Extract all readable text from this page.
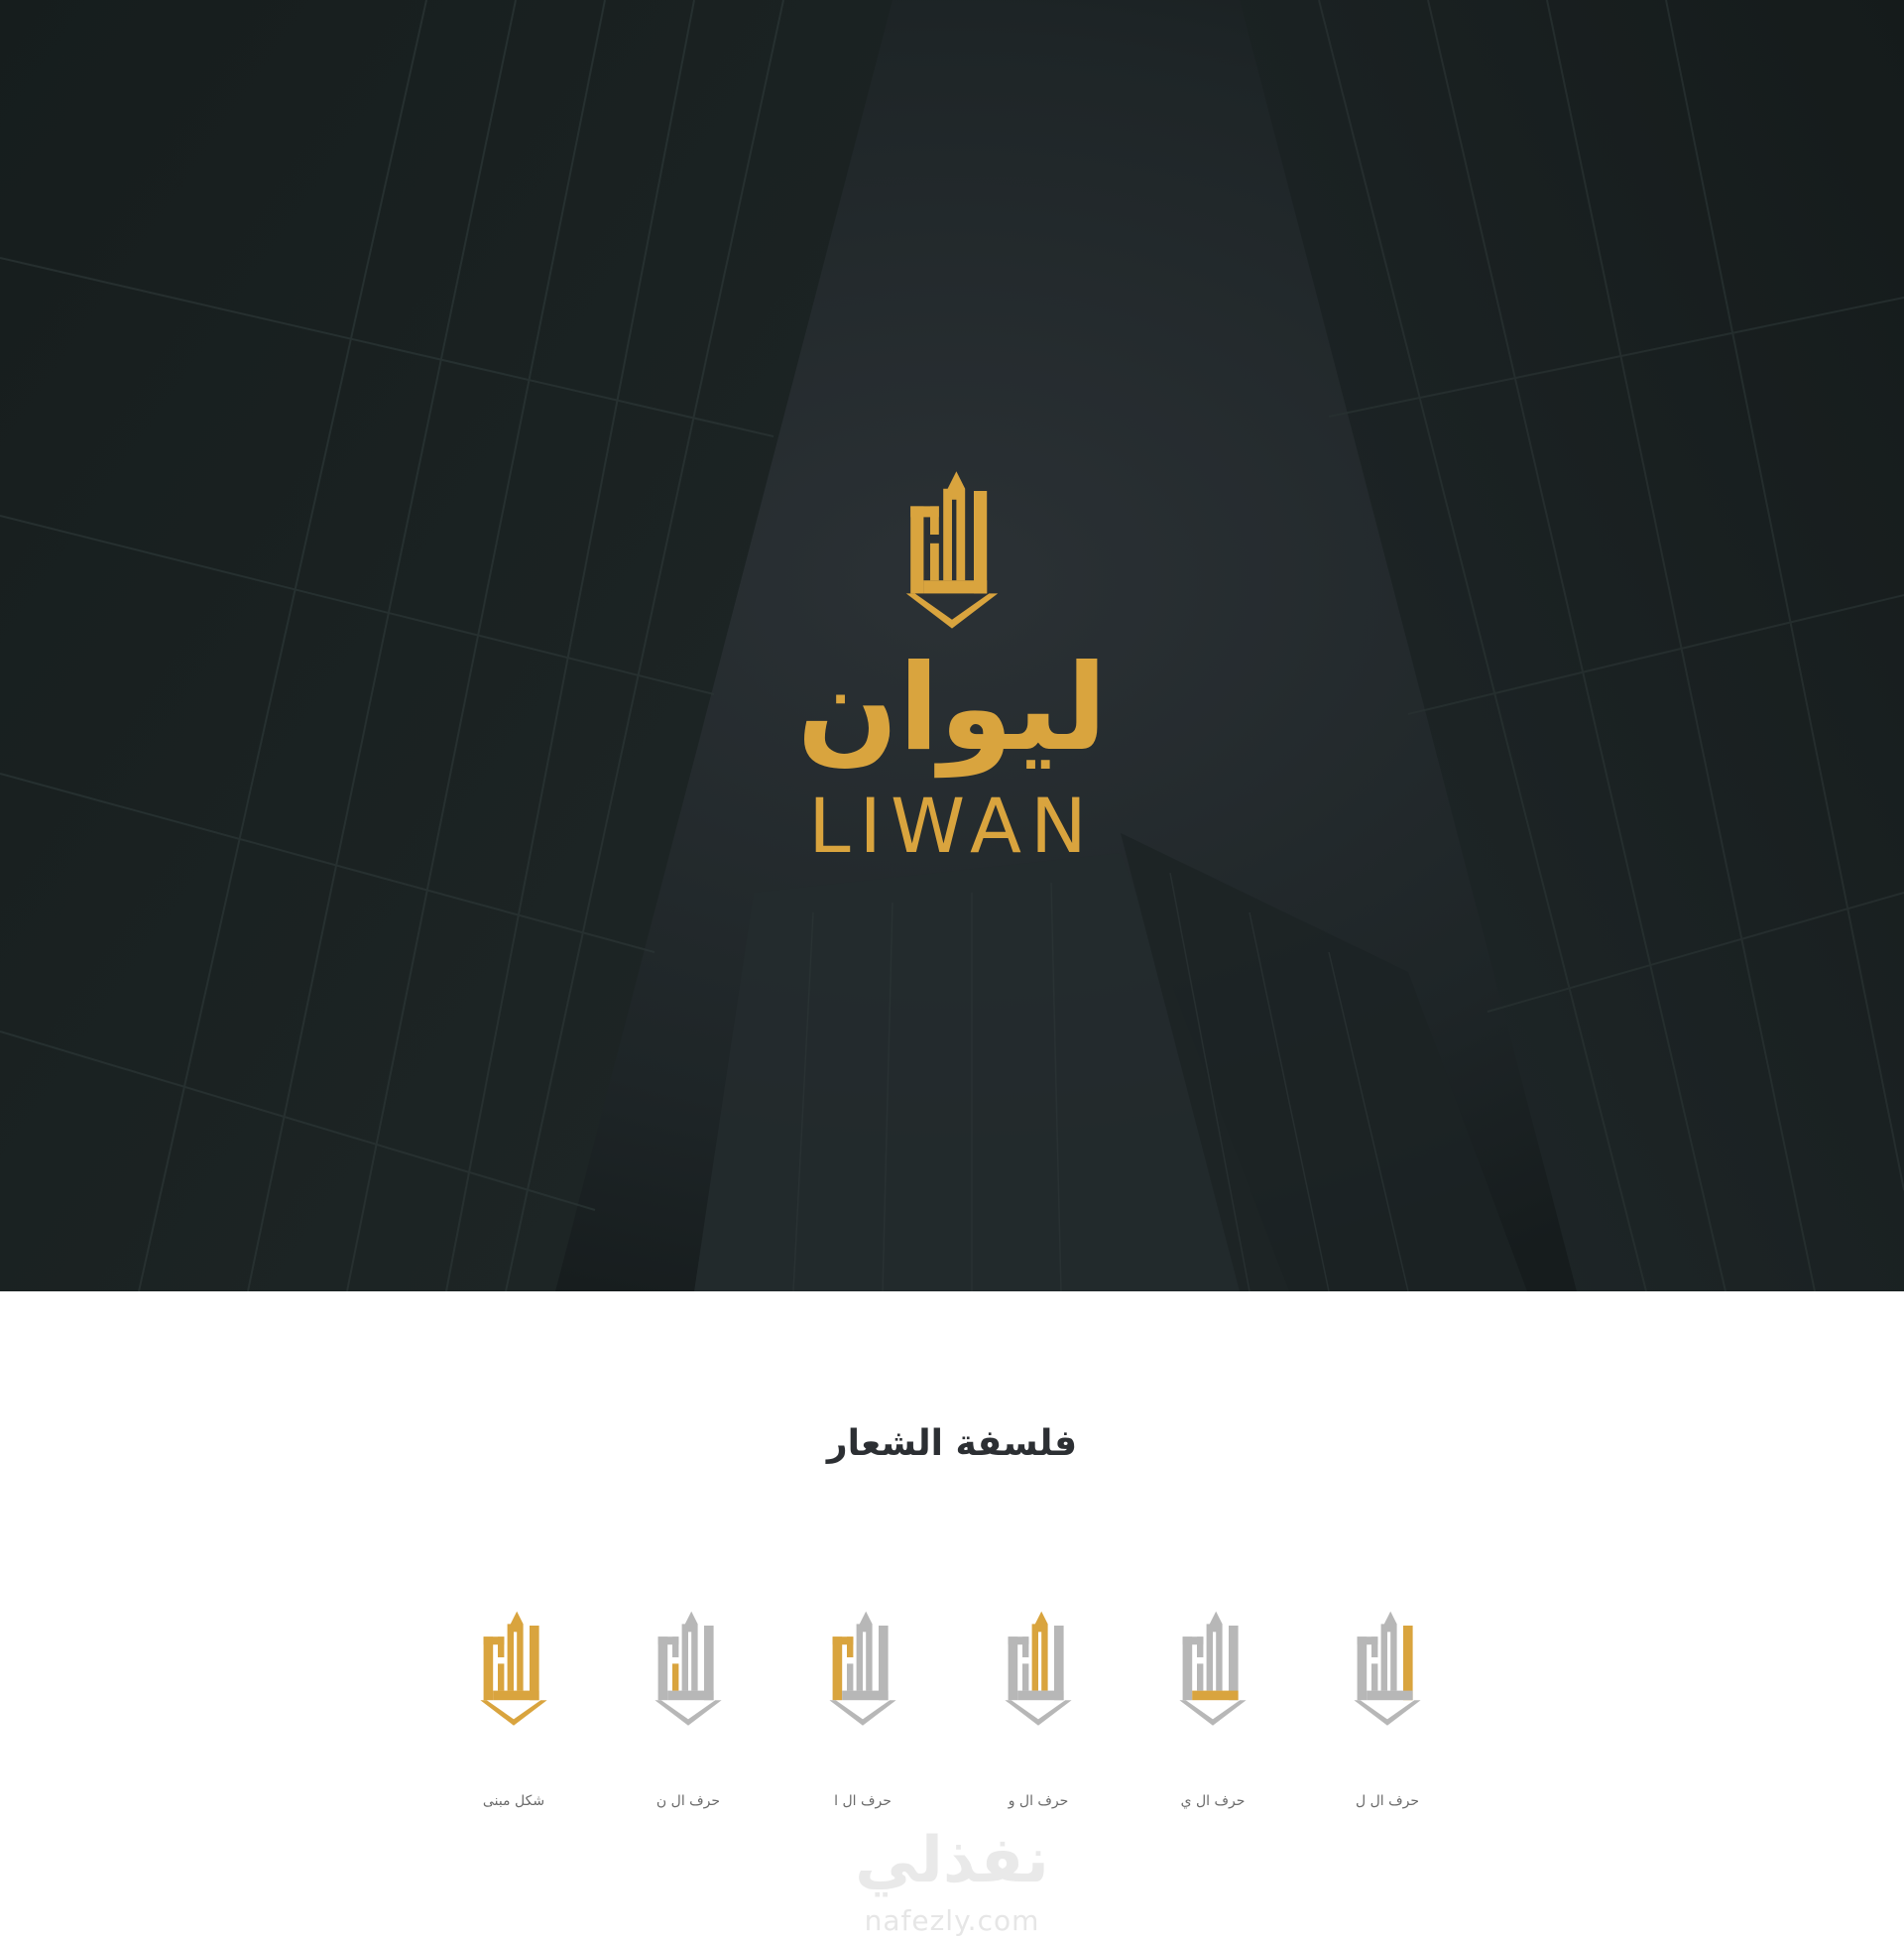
ليوان
LIWAN
فلسفة الشعار
شكل مبنى	حرف ال ن	حرف ال ا	حرف ال و	حرف ال ي	حرف ال ل
نفذلي
nafezly.com
